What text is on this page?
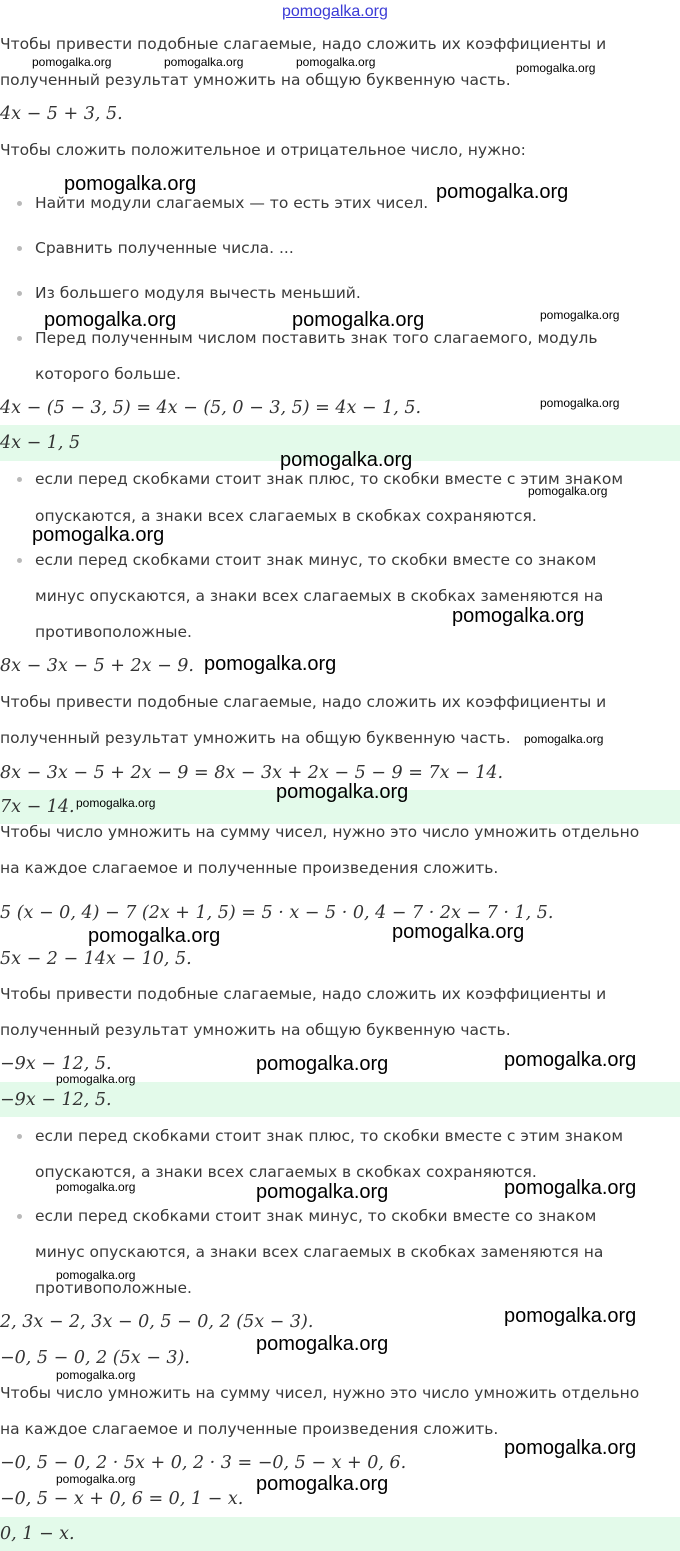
pomogalka.org
Чтобы привести подобные слагаемые, надо сложить их коэффициенты и
полученный результат умножить на общую буквенную часть.
4x − 5 + 3, 5.
Чтобы сложить положительное и отрицательное число, нужно:
Найти модули слагаемых — то есть этих чисел.
Сравнить полученные числа. ...
Из большего модуля вычесть меньший.
Перед полученным числом поставить знак того слагаемого, модуль
которого больше.
4x − (5 − 3, 5) = 4x − (5, 0 − 3, 5) = 4x − 1, 5.
4x − 1, 5
если перед скобками стоит знак плюс, то скобки вместе с этим знаком
опускаются, а знаки всех слагаемых в скобках сохраняются.
если перед скобками стоит знак минус, то скобки вместе со знаком
минус опускаются, а знаки всех слагаемых в скобках заменяются на
противоположные.
8x − 3x − 5 + 2x − 9.
Чтобы привести подобные слагаемые, надо сложить их коэффициенты и
полученный результат умножить на общую буквенную часть.
8x − 3x − 5 + 2x − 9 = 8x − 3x + 2x − 5 − 9 = 7x − 14.
7x − 14.
Чтобы число умножить на сумму чисел, нужно это число умножить отдельно
на каждое слагаемое и полученные произведения сложить.
5 (x − 0, 4) − 7 (2x + 1, 5) = 5 · x − 5 · 0, 4 − 7 · 2x − 7 · 1, 5.
5x − 2 − 14x − 10, 5.
Чтобы привести подобные слагаемые, надо сложить их коэффициенты и
полученный результат умножить на общую буквенную часть.
−9x − 12, 5.
−9x − 12, 5.
если перед скобками стоит знак плюс, то скобки вместе с этим знаком
опускаются, а знаки всех слагаемых в скобках сохраняются.
если перед скобками стоит знак минус, то скобки вместе со знаком
минус опускаются, а знаки всех слагаемых в скобках заменяются на
противоположные.
2, 3x − 2, 3x − 0, 5 − 0, 2 (5x − 3).
−0, 5 − 0, 2 (5x − 3).
Чтобы число умножить на сумму чисел, нужно это число умножить отдельно
на каждое слагаемое и полученные произведения сложить.
−0, 5 − 0, 2 · 5x + 0, 2 · 3 = −0, 5 − x + 0, 6.
−0, 5 − x + 0, 6 = 0, 1 − x.
0, 1 − x.
pomogalka.org	pomogalka.org
pomogalka.org	pomogalka.org
pomogalka.org
pomogalka.org
pomogalka.org
pomogalka.org
pomogalka.org
pomogalka.org	pomogalka.org
pomogalka.org	pomogalka.org
pomogalka.org	pomogalka.org
pomogalka.org
pomogalka.org
pomogalka.org
pomogalka.org
pomogalka.org	pomogalka.org	pomogalka.org	pomogalka.org
pomogalka.org
pomogalka.org
pomogalka.org
pomogalka.org
pomogalka.org
pomogalka.org
pomogalka.org
pomogalka.org
pomogalka.org
pomogalka.org
